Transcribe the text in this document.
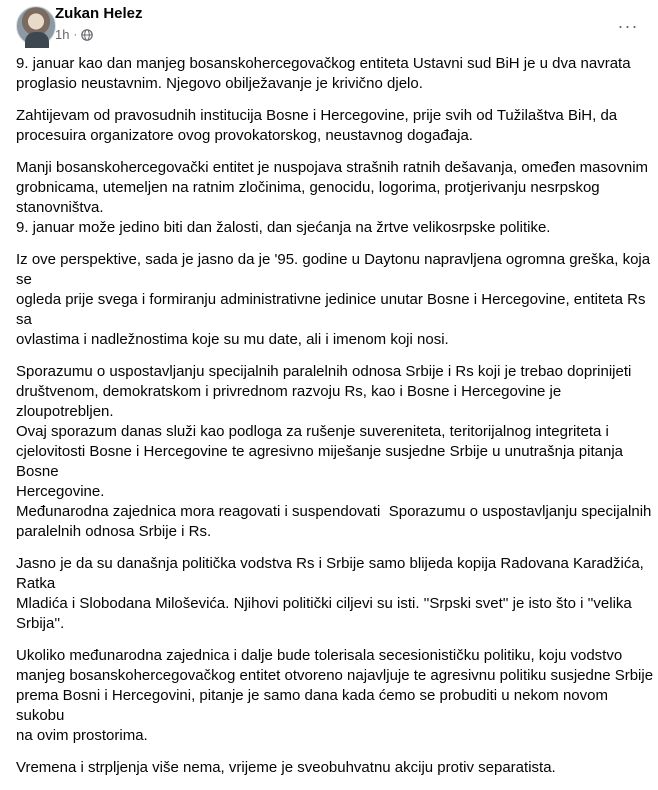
Zukan Helez
1h ·	···

9. januar kao dan manjeg bosanskohercegovačkog entiteta Ustavni sud BiH je u dva navrata
proglasio neustavnim. Njegovo obilježavanje je krivično djelo.

Zahtijevam od pravosudnih institucija Bosne i Hercegovine, prije svih od Tužilaštva BiH, da
procesuira organizatore ovog provokatorskog, neustavnog događaja.

Manji bosanskohercegovački entitet je nuspojava strašnih ratnih dešavanja, omeđen masovnim
grobnicama, utemeljen na ratnim zločinima, genocidu, logorima, protjerivanju nesrpskog
stanovništva.
9. januar može jedino biti dan žalosti, dan sjećanja na žrtve velikosrpske politike.

Iz ove perspektive, sada je jasno da je '95. godine u Daytonu napravljena ogromna greška, koja se
ogleda prije svega i formiranju administrativne jedinice unutar Bosne i Hercegovine, entiteta Rs sa
ovlastima i nadležnostima koje su mu date, ali i imenom koji nosi.

Sporazumu o uspostavljanju specijalnih paralelnih odnosa Srbije i Rs koji je trebao doprinijeti
društvenom, demokratskom i privrednom razvoju Rs, kao i Bosne i Hercegovine je zloupotrebljen.
Ovaj sporazum danas služi kao podloga za rušenje suvereniteta, teritorijalnog integriteta i
cjelovitosti Bosne i Hercegovine te agresivno miješanje susjedne Srbije u unutrašnja pitanja Bosne
Hercegovine.
Međunarodna zajednica mora reagovati i suspendovati  Sporazumu o uspostavljanju specijalnih
paralelnih odnosa Srbije i Rs.

Jasno je da su današnja politička vodstva Rs i Srbije samo blijeda kopija Radovana Karadžića,  Ratka
Mladića i Slobodana Miloševića. Njihovi politički ciljevi su isti. ''Srpski svet'' je isto što i ''velika
Srbija''.

Ukoliko međunarodna zajednica i dalje bude tolerisala secesionističku politiku, koju vodstvo
manjeg bosanskohercegovačkog entitet otvoreno najavljuje te agresivnu politiku susjedne Srbije
prema Bosni i Hercegovini, pitanje je samo dana kada ćemo se probuditi u nekom novom sukobu
na ovim prostorima.

Vremena i strpljenja više nema, vrijeme je sveobuhvatnu akciju protiv separatista.
